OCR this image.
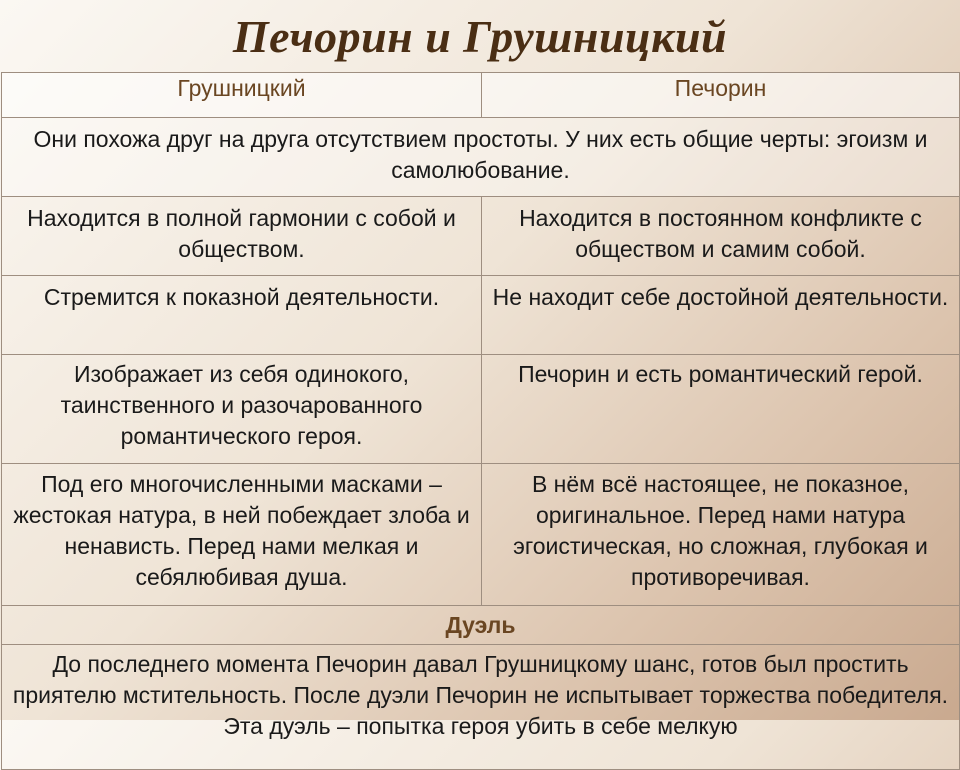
Печорин и Грушницкий
Грушницкий	Печорин
Они похожа друг на друга отсутствием простоты. У них есть общие черты: эгоизм и самолюбование.	
Находится в полной гармонии с собой и обществом.	Находится в постоянном конфликте с обществом и самим собой.
Стремится к показной деятельности.	Не находит себе достойной деятельности.
Изображает из себя одинокого, таинственного и разочарованного романтического героя.	Печорин и есть романтический герой.
Под его многочисленными масками – жестокая натура, в ней побеждает злоба и ненависть. Перед нами мелкая и себялюбивая душа.	В нём всё настоящее, не показное, оригинальное. Перед нами натура эгоистическая, но сложная, глубокая и противоречивая.
Дуэль	
До последнего момента Печорин давал Грушницкому шанс, готов был простить приятелю мстительность. После дуэли Печорин не испытывает торжества победителя. Эта дуэль – попытка героя убить в себе мелкую	
